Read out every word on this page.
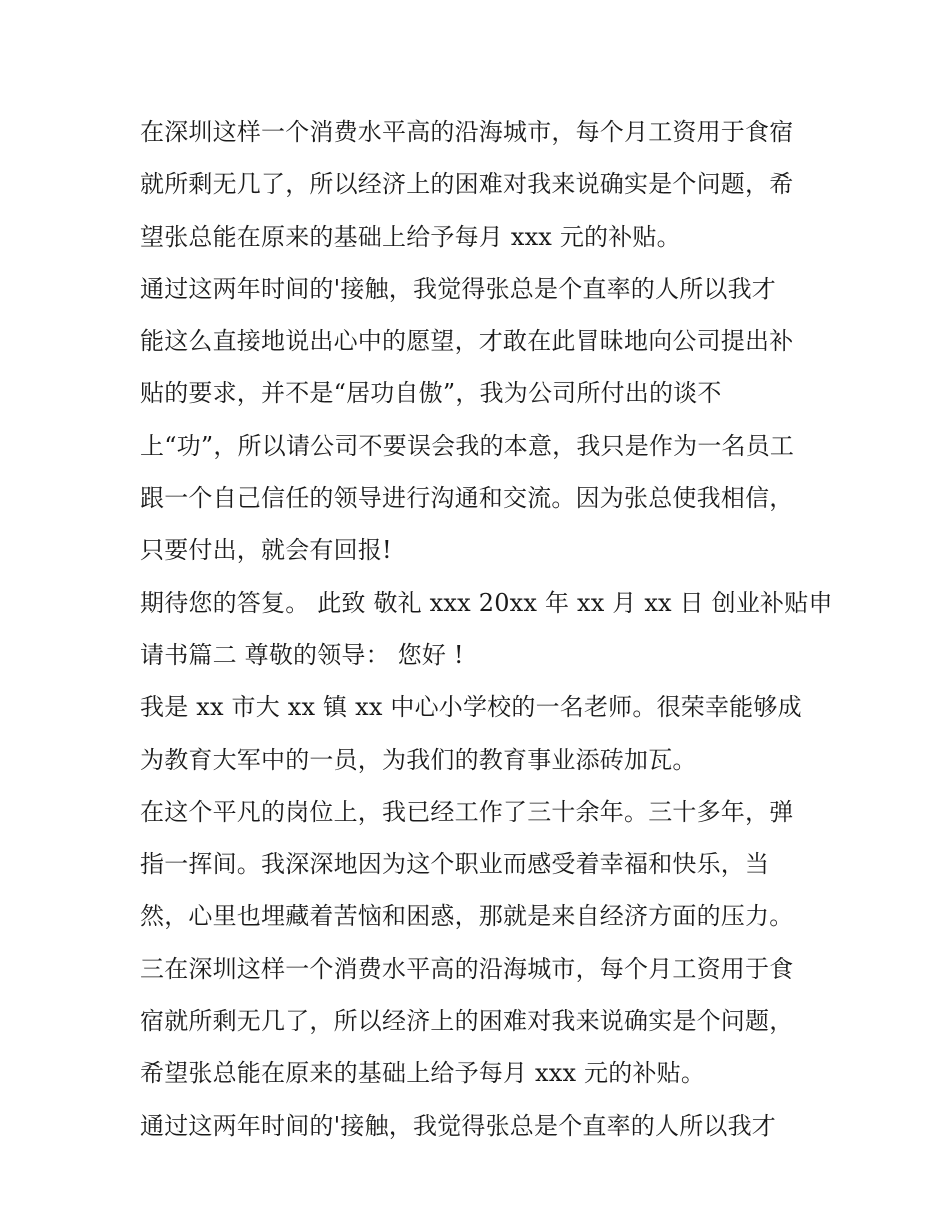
在深圳这样一个消费水平高的沿海城市，每个月工资用于食宿
就所剩无几了，所以经济上的困难对我来说确实是个问题，希
望张总能在原来的基础上给予每月 xxx 元的补贴。
通过这两年时间的'接触，我觉得张总是个直率的人所以我才
能这么直接地说出心中的愿望，才敢在此冒昧地向公司提出补
贴的要求，并不是“居功自傲”，我为公司所付出的谈不
上“功”，所以请公司不要误会我的本意，我只是作为一名员工
跟一个自己信任的领导进行沟通和交流。因为张总使我相信，
只要付出，就会有回报!
期待您的答复。 此致 敬礼 xxx 20xx 年 xx 月 xx 日 创业补贴申
请书篇二 尊敬的领导： 您好 !
我是 xx 市大 xx 镇 xx 中心小学校的一名老师。很荣幸能够成
为教育大军中的一员，为我们的教育事业添砖加瓦。
在这个平凡的岗位上，我已经工作了三十余年。三十多年，弹
指一挥间。我深深地因为这个职业而感受着幸福和快乐，当
然，心里也埋藏着苦恼和困惑，那就是来自经济方面的压力。
三在深圳这样一个消费水平高的沿海城市，每个月工资用于食
宿就所剩无几了，所以经济上的困难对我来说确实是个问题，
希望张总能在原来的基础上给予每月 xxx 元的补贴。
通过这两年时间的'接触，我觉得张总是个直率的人所以我才
